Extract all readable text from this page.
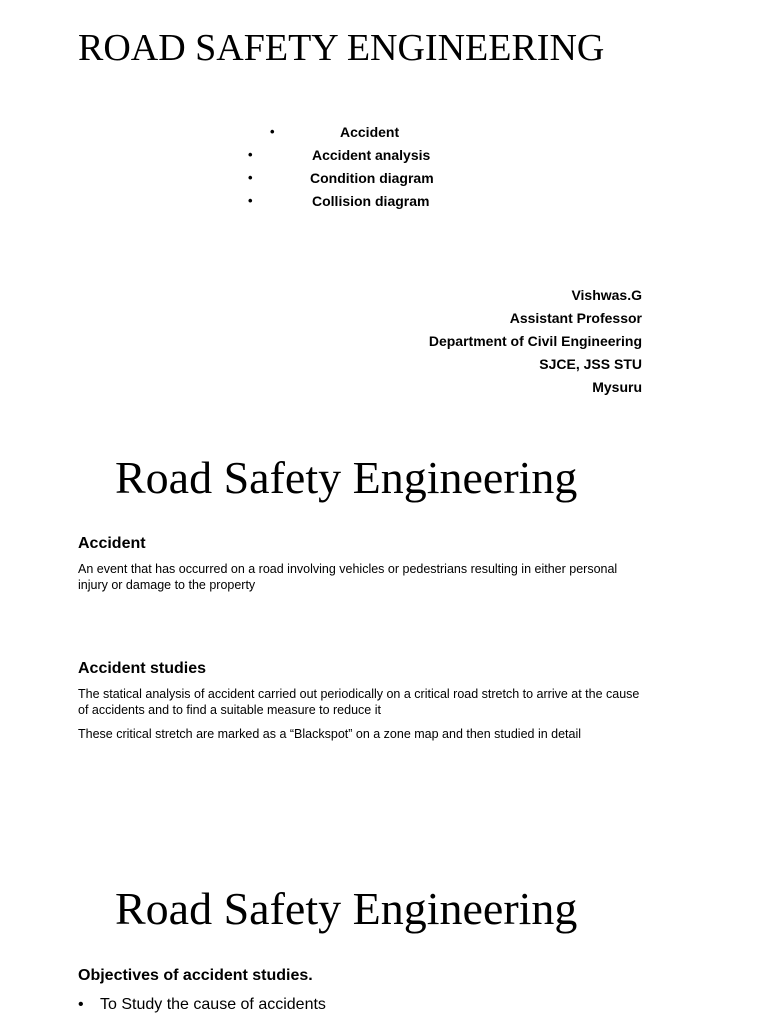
ROAD SAFETY ENGINEERING
•	Accident
•	Accident analysis
•	Condition diagram
•	Collision diagram
Vishwas.G
Assistant Professor
Department of Civil Engineering
SJCE, JSS STU
Mysuru
Road Safety Engineering
Accident
An event that has occurred on a road involving vehicles or pedestrians resulting in either personal injury or damage to the property
Accident studies
The statical analysis of accident carried out periodically on a critical road stretch to arrive at the cause of accidents and to find a suitable measure to reduce it
These critical stretch are marked as a “Blackspot” on a zone map and then studied in detail
Road Safety Engineering
Objectives of accident studies.
• To Study the cause of accidents
